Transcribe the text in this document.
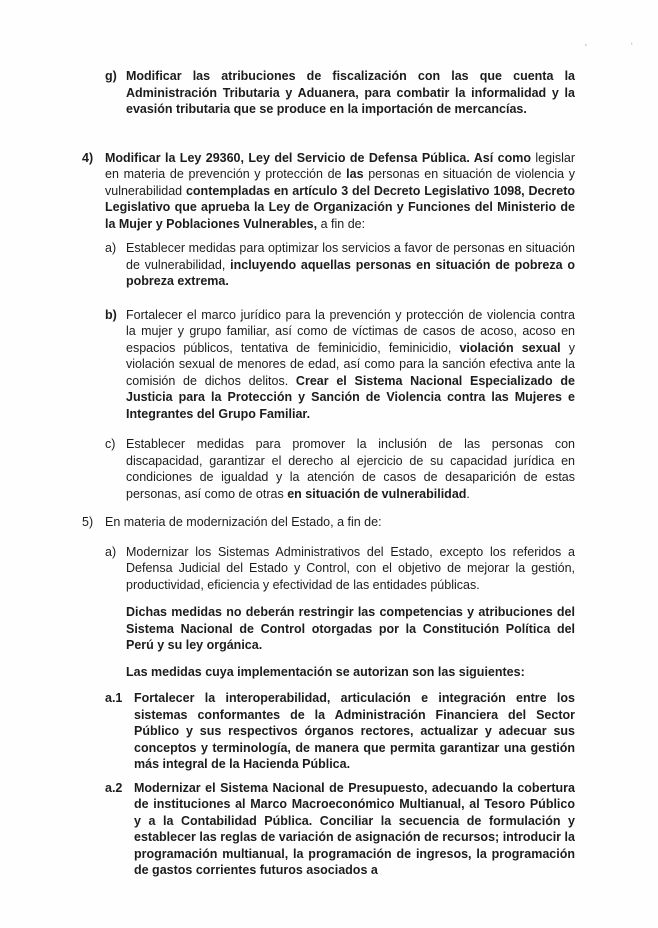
·	ˈ
g) Modificar las atribuciones de fiscalización con las que cuenta la Administración Tributaria y Aduanera, para combatir la informalidad y la evasión tributaria que se produce en la importación de mercancías.
4) Modificar la Ley 29360, Ley del Servicio de Defensa Pública. Así como legislar en materia de prevención y protección de las personas en situación de violencia y vulnerabilidad contempladas en artículo 3 del Decreto Legislativo 1098, Decreto Legislativo que aprueba la Ley de Organización y Funciones del Ministerio de la Mujer y Poblaciones Vulnerables, a fin de:
a) Establecer medidas para optimizar los servicios a favor de personas en situación de vulnerabilidad, incluyendo aquellas personas en situación de pobreza o pobreza extrema.
b) Fortalecer el marco jurídico para la prevención y protección de violencia contra la mujer y grupo familiar, así como de víctimas de casos de acoso, acoso en espacios públicos, tentativa de feminicidio, feminicidio, violación sexual y violación sexual de menores de edad, así como para la sanción efectiva ante la comisión de dichos delitos. Crear el Sistema Nacional Especializado de Justicia para la Protección y Sanción de Violencia contra las Mujeres e Integrantes del Grupo Familiar.
c) Establecer medidas para promover la inclusión de las personas con discapacidad, garantizar el derecho al ejercicio de su capacidad jurídica en condiciones de igualdad y la atención de casos de desaparición de estas personas, así como de otras en situación de vulnerabilidad.
5) En materia de modernización del Estado, a fin de:
a) Modernizar los Sistemas Administrativos del Estado, excepto los referidos a Defensa Judicial del Estado y Control, con el objetivo de mejorar la gestión, productividad, eficiencia y efectividad de las entidades públicas.
Dichas medidas no deberán restringir las competencias y atribuciones del Sistema Nacional de Control otorgadas por la Constitución Política del Perú y su ley orgánica.
Las medidas cuya implementación se autorizan son las siguientes:
a.1 Fortalecer la interoperabilidad, articulación e integración entre los sistemas conformantes de la Administración Financiera del Sector Público y sus respectivos órganos rectores, actualizar y adecuar sus conceptos y terminología, de manera que permita garantizar una gestión más integral de la Hacienda Pública.
a.2 Modernizar el Sistema Nacional de Presupuesto, adecuando la cobertura de instituciones al Marco Macroeconómico Multianual, al Tesoro Público y a la Contabilidad Pública. Conciliar la secuencia de formulación y establecer las reglas de variación de asignación de recursos; introducir la programación multianual, la programación de ingresos, la programación de gastos corrientes futuros asociados a
